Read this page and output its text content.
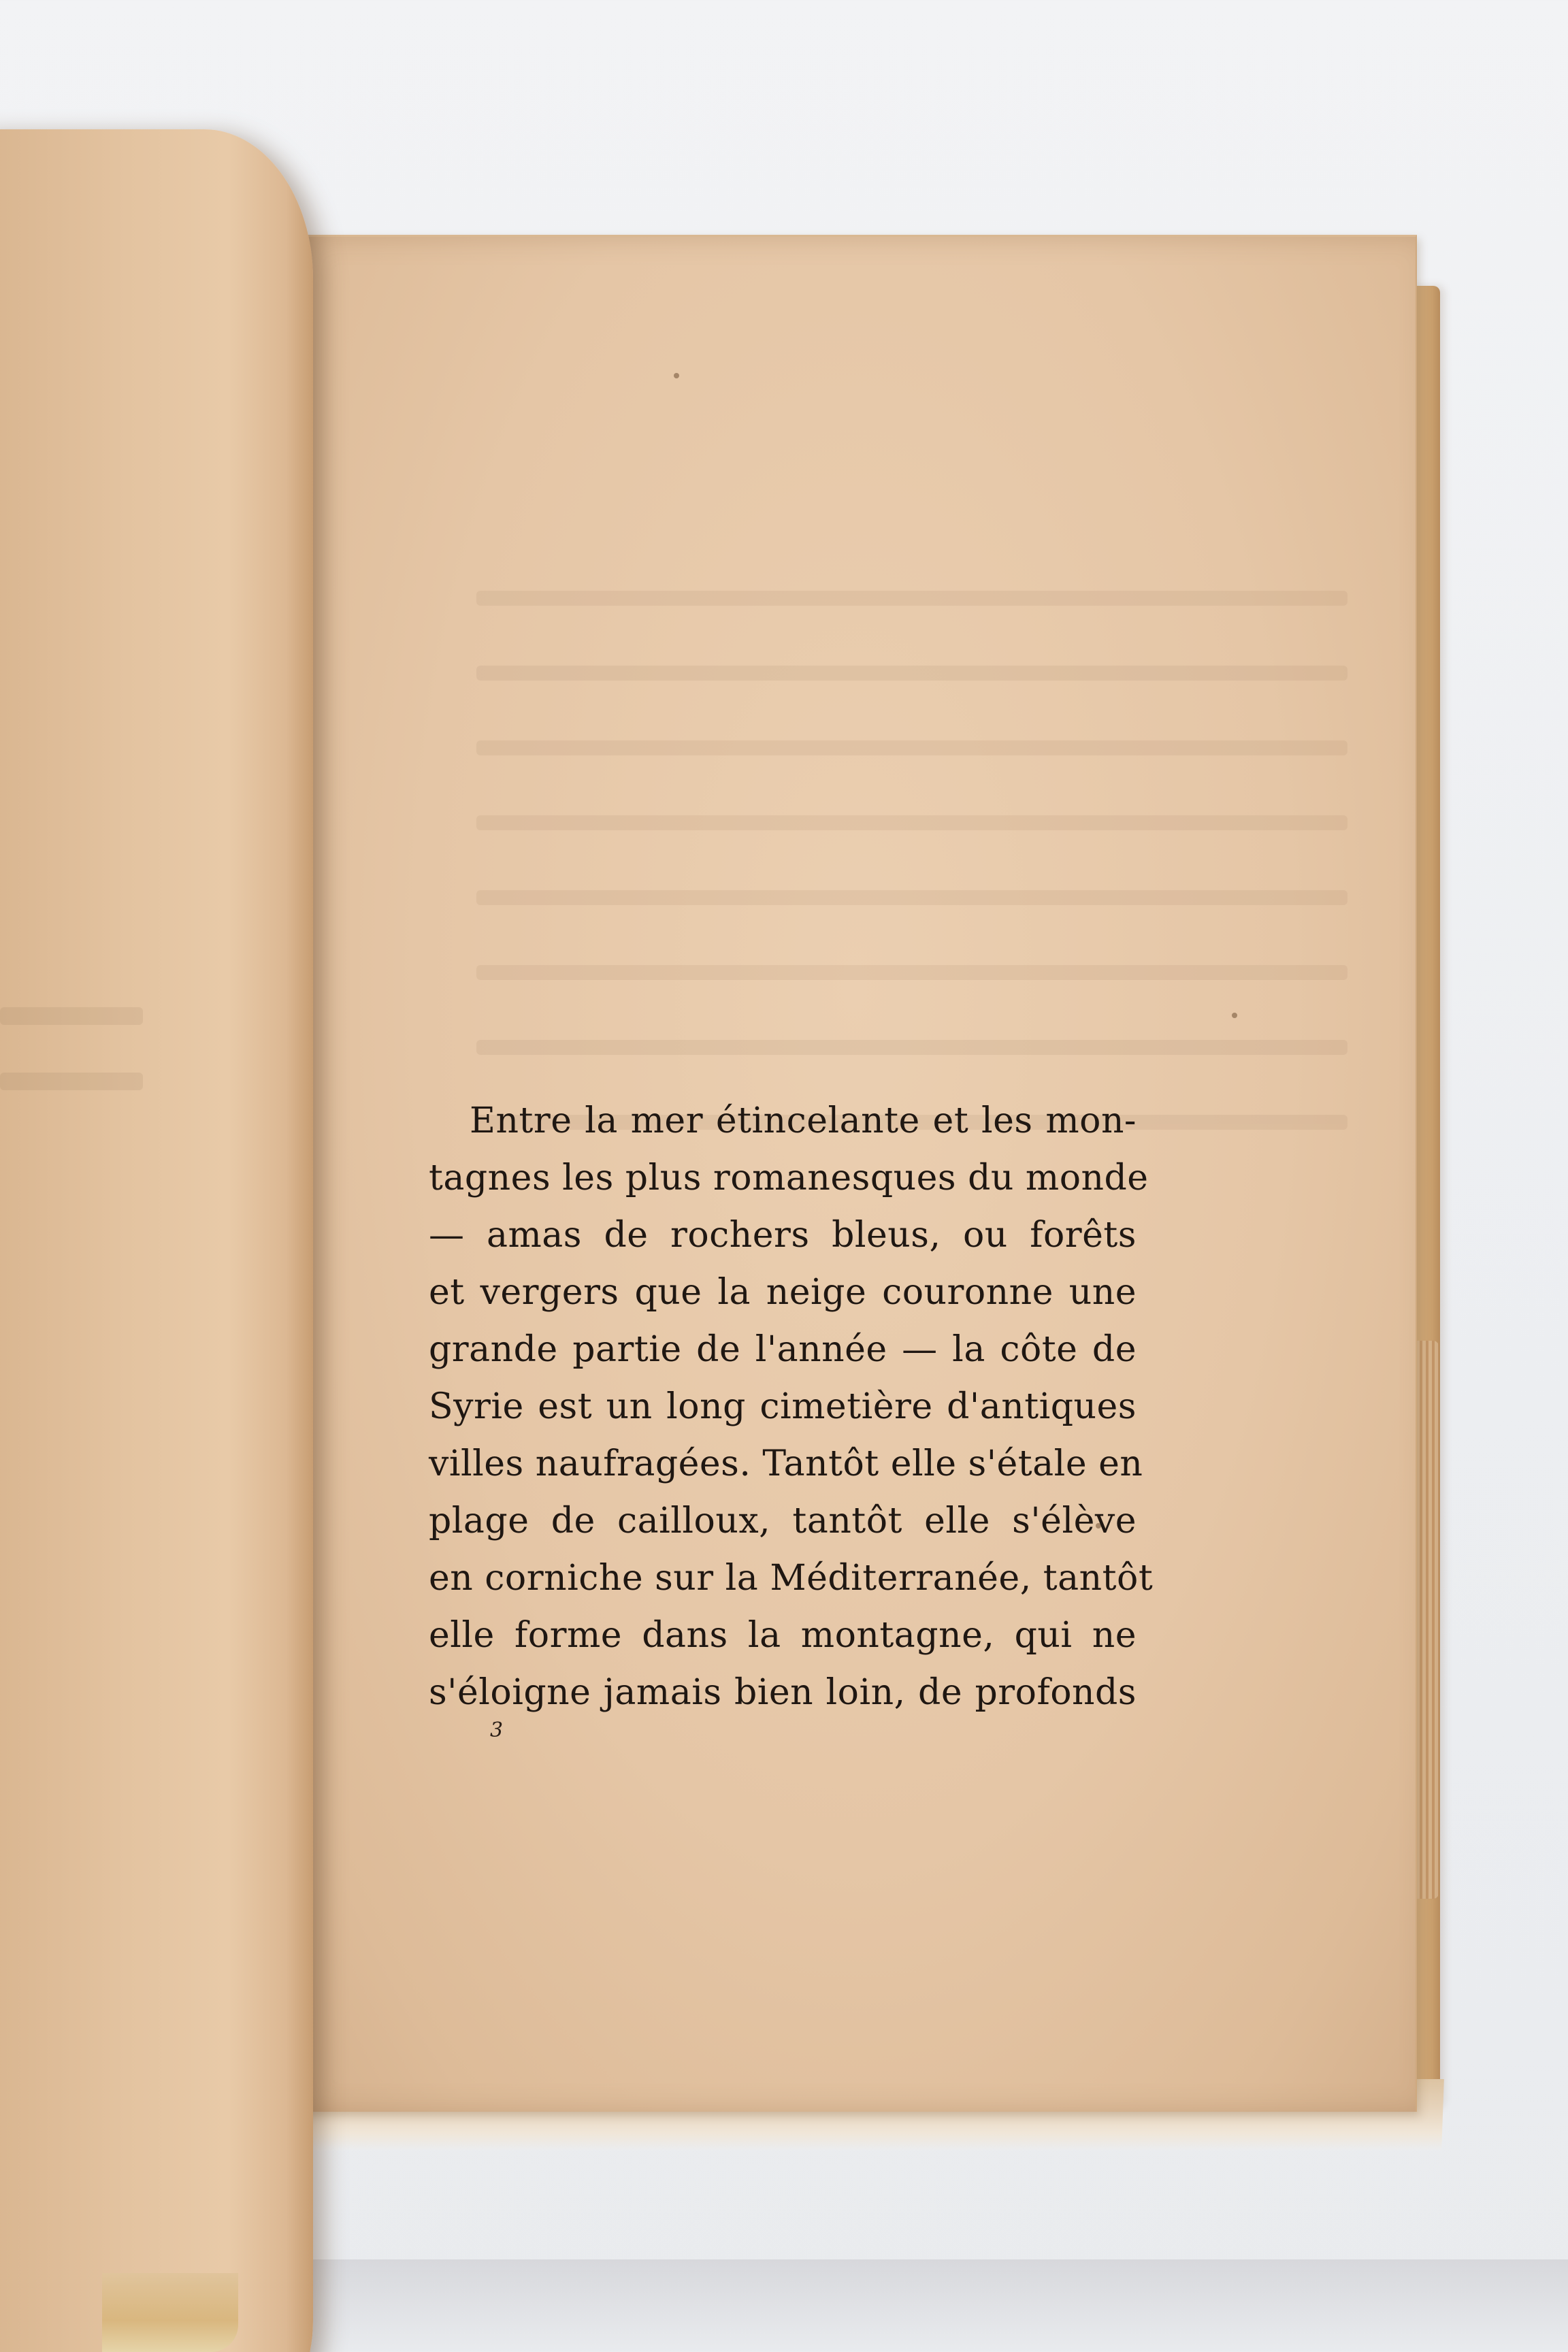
Entre la mer étincelante et les mon-
tagnes les plus romanesques du monde
— amas de rochers bleus, ou forêts
et vergers que la neige couronne une
grande partie de l'année — la côte de
Syrie est un long cimetière d'antiques
villes naufragées. Tantôt elle s'étale en
plage de cailloux, tantôt elle s'élève
en corniche sur la Méditerranée, tantôt
elle forme dans la montagne, qui ne
s'éloigne jamais bien loin, de profonds
3
